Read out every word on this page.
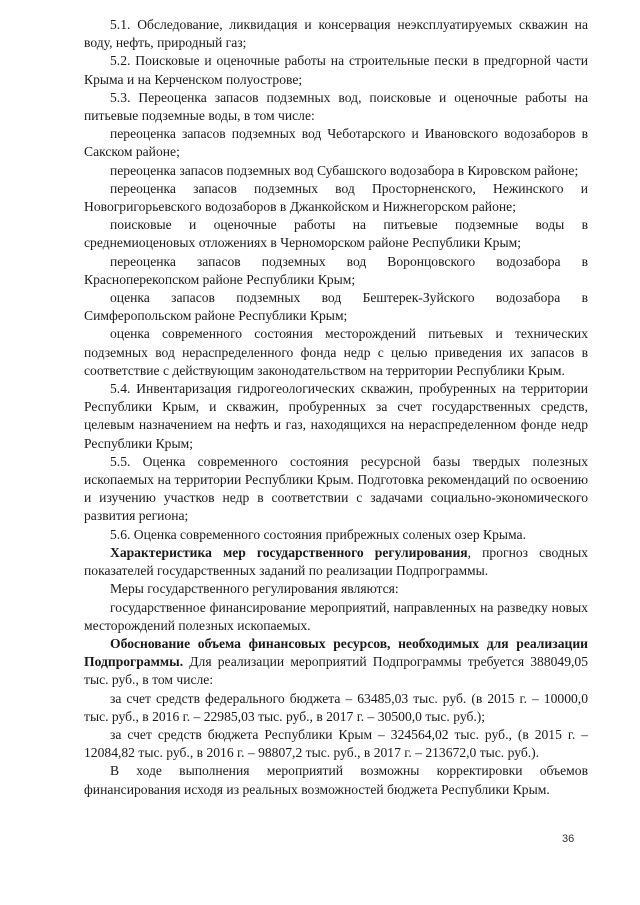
5.1. Обследование, ликвидация и консервация неэксплуатируемых скважин на воду, нефть, природный газ;

5.2. Поисковые и оценочные работы на строительные пески в предгорной части Крыма и на Керченском полуострове;

5.3. Переоценка запасов подземных вод, поисковые и оценочные работы на питьевые подземные воды, в том числе:

переоценка запасов подземных вод Чеботарского и Ивановского водозаборов в Сакском районе;

переоценка запасов подземных вод Субашского водозабора в Кировском районе;

переоценка запасов подземных вод Просторненского, Нежинского и Новогригорьевского водозаборов в Джанкойском и Нижнегорском районе;

поисковые и оценочные работы на питьевые подземные воды в среднемиоценовых отложениях в Черноморском районе Республики Крым;

переоценка запасов подземных вод Воронцовского водозабора в Красноперекопском районе Республики Крым;

оценка запасов подземных вод Бештерек-Зуйского водозабора в Симферопольском районе Республики Крым;

оценка современного состояния месторождений питьевых и технических подземных вод нераспределенного фонда недр с целью приведения их запасов в соответствие с действующим законодательством на территории Республики Крым.

5.4. Инвентаризация гидрогеологических скважин, пробуренных на территории Республики Крым, и скважин, пробуренных за счет государственных средств, целевым назначением на нефть и газ, находящихся на нераспределенном фонде недр Республики Крым;

5.5. Оценка современного состояния ресурсной базы твердых полезных ископаемых на территории Республики Крым. Подготовка рекомендаций по освоению и изучению участков недр в соответствии с задачами социально-экономического развития региона;

5.6. Оценка современного состояния прибрежных соленых озер Крыма.

Характеристика мер государственного регулирования, прогноз сводных показателей государственных заданий по реализации Подпрограммы.

Меры государственного регулирования являются:

государственное финансирование мероприятий, направленных на разведку новых месторождений полезных ископаемых.

Обоснование объема финансовых ресурсов, необходимых для реализации Подпрограммы. Для реализации мероприятий Подпрограммы требуется 388049,05 тыс. руб., в том числе:

за счет средств федерального бюджета – 63485,03 тыс. руб. (в 2015 г. – 10000,0 тыс. руб., в 2016 г. – 22985,03 тыс. руб., в 2017 г. – 30500,0 тыс. руб.);

за счет средств бюджета Республики Крым – 324564,02 тыс. руб., (в 2015 г. – 12084,82 тыс. руб., в 2016 г. – 98807,2 тыс. руб., в 2017 г. – 213672,0 тыс. руб.).

В ходе выполнения мероприятий возможны корректировки объемов финансирования исходя из реальных возможностей бюджета Республики Крым.

36
